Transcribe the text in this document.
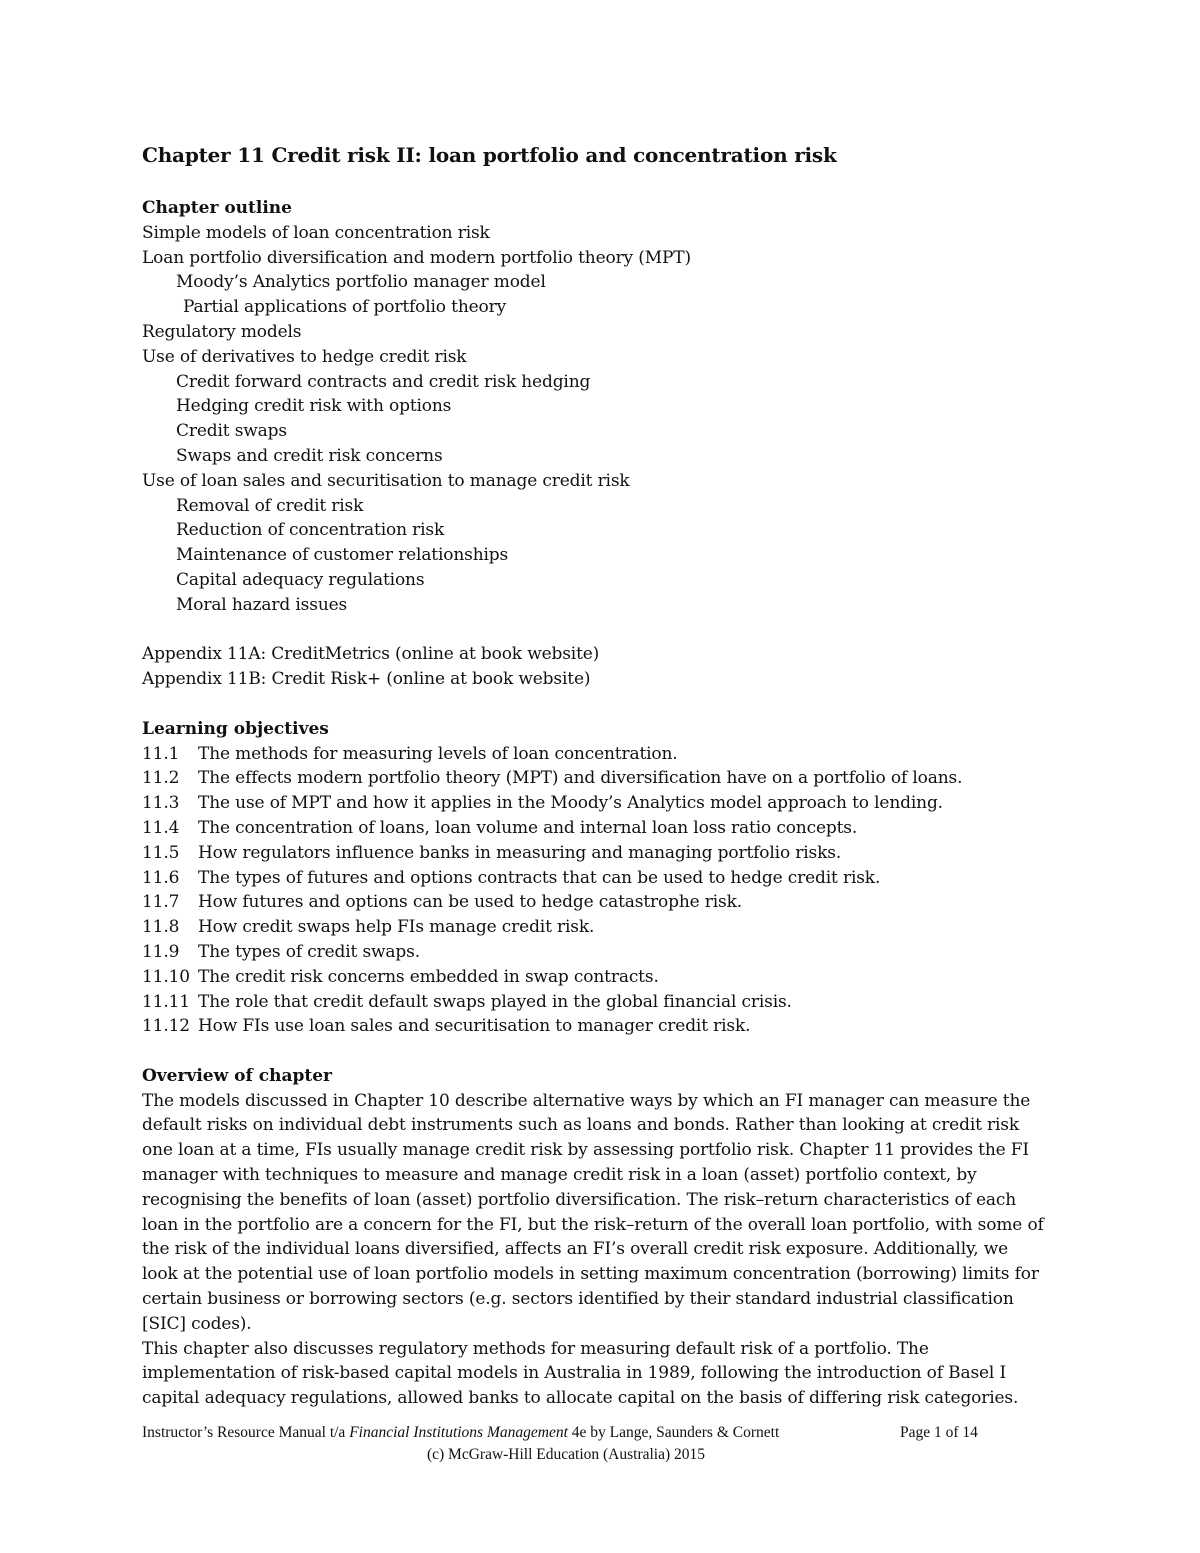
Chapter 11 Credit risk II: loan portfolio and concentration risk
Chapter outline
Simple models of loan concentration risk
Loan portfolio diversification and modern portfolio theory (MPT)
Moody’s Analytics portfolio manager model
Partial applications of portfolio theory
Regulatory models
Use of derivatives to hedge credit risk
Credit forward contracts and credit risk hedging
Hedging credit risk with options
Credit swaps
Swaps and credit risk concerns
Use of loan sales and securitisation to manage credit risk
Removal of credit risk
Reduction of concentration risk
Maintenance of customer relationships
Capital adequacy regulations
Moral hazard issues
Appendix 11A: CreditMetrics (online at book website)
Appendix 11B: Credit Risk+ (online at book website)
Learning objectives
11.1	The methods for measuring levels of loan concentration.
11.2	The effects modern portfolio theory (MPT) and diversification have on a portfolio of loans.
11.3	The use of MPT and how it applies in the Moody’s Analytics model approach to lending.
11.4	The concentration of loans, loan volume and internal loan loss ratio concepts.
11.5	How regulators influence banks in measuring and managing portfolio risks.
11.6	The types of futures and options contracts that can be used to hedge credit risk.
11.7	How futures and options can be used to hedge catastrophe risk.
11.8	How credit swaps help FIs manage credit risk.
11.9	The types of credit swaps.
11.10 The credit risk concerns embedded in swap contracts.
11.11 The role that credit default swaps played in the global financial crisis.
11.12 How FIs use loan sales and securitisation to manager credit risk.
Overview of chapter
The models discussed in Chapter 10 describe alternative ways by which an FI manager can measure the
default risks on individual debt instruments such as loans and bonds. Rather than looking at credit risk
one loan at a time, FIs usually manage credit risk by assessing portfolio risk. Chapter 11 provides the FI
manager with techniques to measure and manage credit risk in a loan (asset) portfolio context, by
recognising the benefits of loan (asset) portfolio diversification. The risk–return characteristics of each
loan in the portfolio are a concern for the FI, but the risk–return of the overall loan portfolio, with some of
the risk of the individual loans diversified, affects an FI’s overall credit risk exposure. Additionally, we
look at the potential use of loan portfolio models in setting maximum concentration (borrowing) limits for
certain business or borrowing sectors (e.g. sectors identified by their standard industrial classification
[SIC] codes).
This chapter also discusses regulatory methods for measuring default risk of a portfolio. The
implementation of risk-based capital models in Australia in 1989, following the introduction of Basel I
capital adequacy regulations, allowed banks to allocate capital on the basis of differing risk categories.
Instructor’s Resource Manual t/a Financial Institutions Management 4e by Lange, Saunders & Cornett	Page 1 of 14
(c) McGraw-Hill Education (Australia) 2015
